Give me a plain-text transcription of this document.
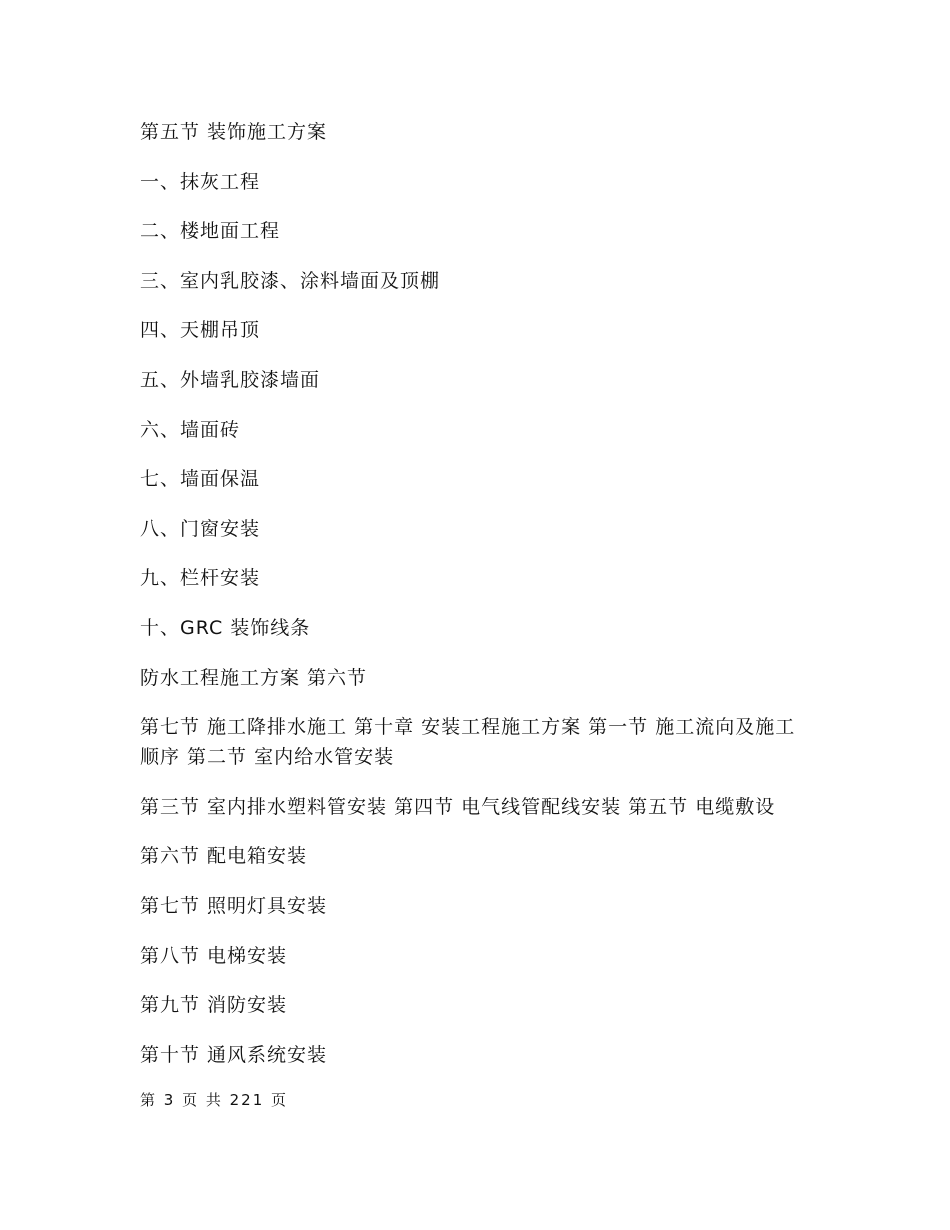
第五节 装饰施工方案
一、抹灰工程
二、楼地面工程
三、室内乳胶漆、涂料墙面及顶棚
四、天棚吊顶
五、外墙乳胶漆墙面
六、墙面砖
七、墙面保温
八、门窗安装
九、栏杆安装
十、GRC 装饰线条
防水工程施工方案 第六节
第七节 施工降排水施工 第十章 安装工程施工方案 第一节 施工流向及施工顺序 第二节 室内给水管安装
第三节 室内排水塑料管安装 第四节 电气线管配线安装 第五节 电缆敷设
第六节 配电箱安装
第七节 照明灯具安装
第八节 电梯安装
第九节 消防安装
第十节 通风系统安装
第 3 页 共 221 页
